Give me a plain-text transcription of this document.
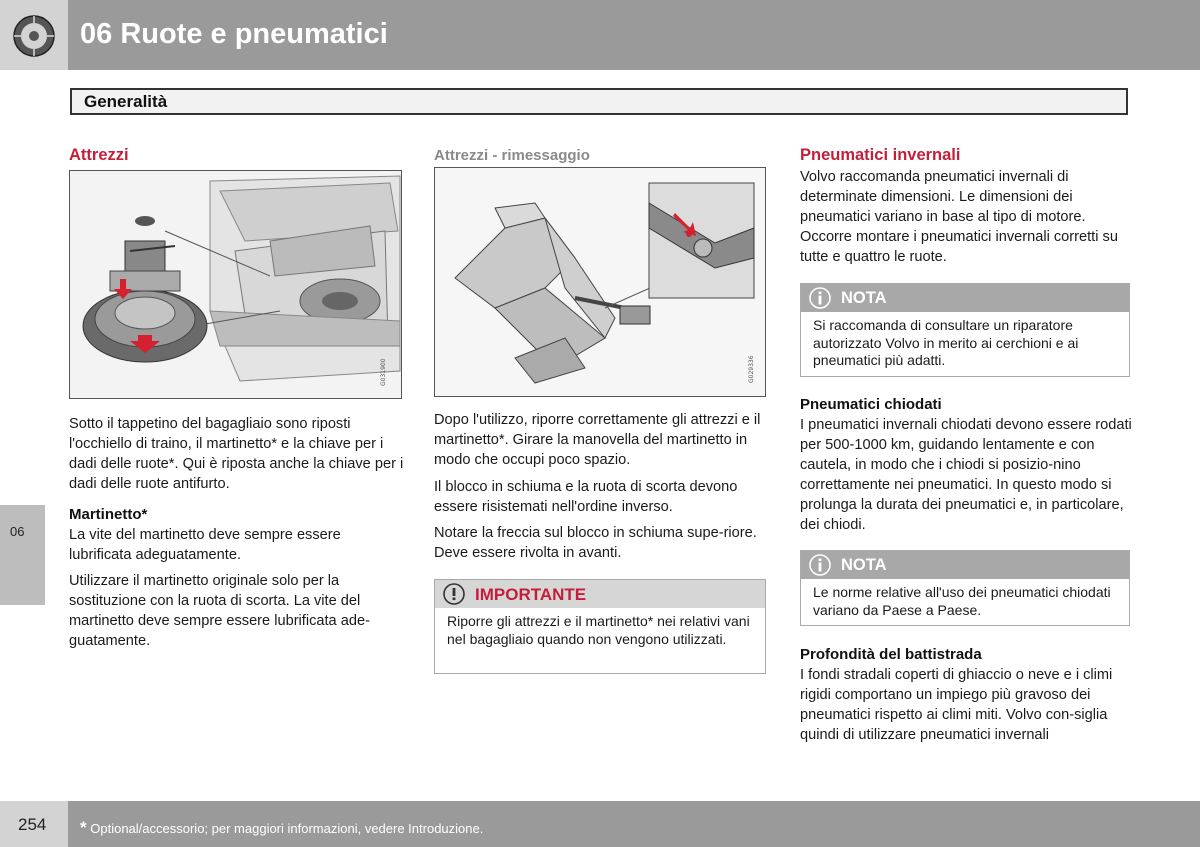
06 Ruote e pneumatici
Generalità
06
Attrezzi
G031900
Sotto il tappetino del bagagliaio sono riposti l'occhiello di traino, il martinetto* e la chiave per i dadi delle ruote*. Qui è riposta anche la chiave per i dadi delle ruote antifurto.
Martinetto*
La vite del martinetto deve sempre essere lubrificata adeguatamente.
Utilizzare il martinetto originale solo per la sostituzione con la ruota di scorta. La vite del martinetto deve sempre essere lubrificata ade-guatamente.
Attrezzi - rimessaggio
G029336
Dopo l'utilizzo, riporre correttamente gli attrezzi e il martinetto*. Girare la manovella del martinetto in modo che occupi poco spazio.
Il blocco in schiuma e la ruota di scorta devono essere risistemati nell'ordine inverso.
Notare la freccia sul blocco in schiuma supe-riore. Deve essere rivolta in avanti.
IMPORTANTE
Riporre gli attrezzi e il martinetto* nei relativi vani nel bagagliaio quando non vengono utilizzati.
Pneumatici invernali
Volvo raccomanda pneumatici invernali di determinate dimensioni. Le dimensioni dei pneumatici variano in base al tipo di motore. Occorre montare i pneumatici invernali corretti su tutte e quattro le ruote.
NOTA
Si raccomanda di consultare un riparatore autorizzato Volvo in merito ai cerchioni e ai pneumatici più adatti.
Pneumatici chiodati
I pneumatici invernali chiodati devono essere rodati per 500-1000 km, guidando lentamente e con cautela, in modo che i chiodi si posizio-nino correttamente nei pneumatici. In questo modo si prolunga la durata dei pneumatici e, in particolare, dei chiodi.
NOTA
Le norme relative all'uso dei pneumatici chiodati variano da Paese a Paese.
Profondità del battistrada
I fondi stradali coperti di ghiaccio o neve e i climi rigidi comportano un impiego più gravoso dei pneumatici rispetto ai climi miti. Volvo con-siglia quindi di utilizzare pneumatici invernali
254 * Optional/accessorio; per maggiori informazioni, vedere Introduzione.
